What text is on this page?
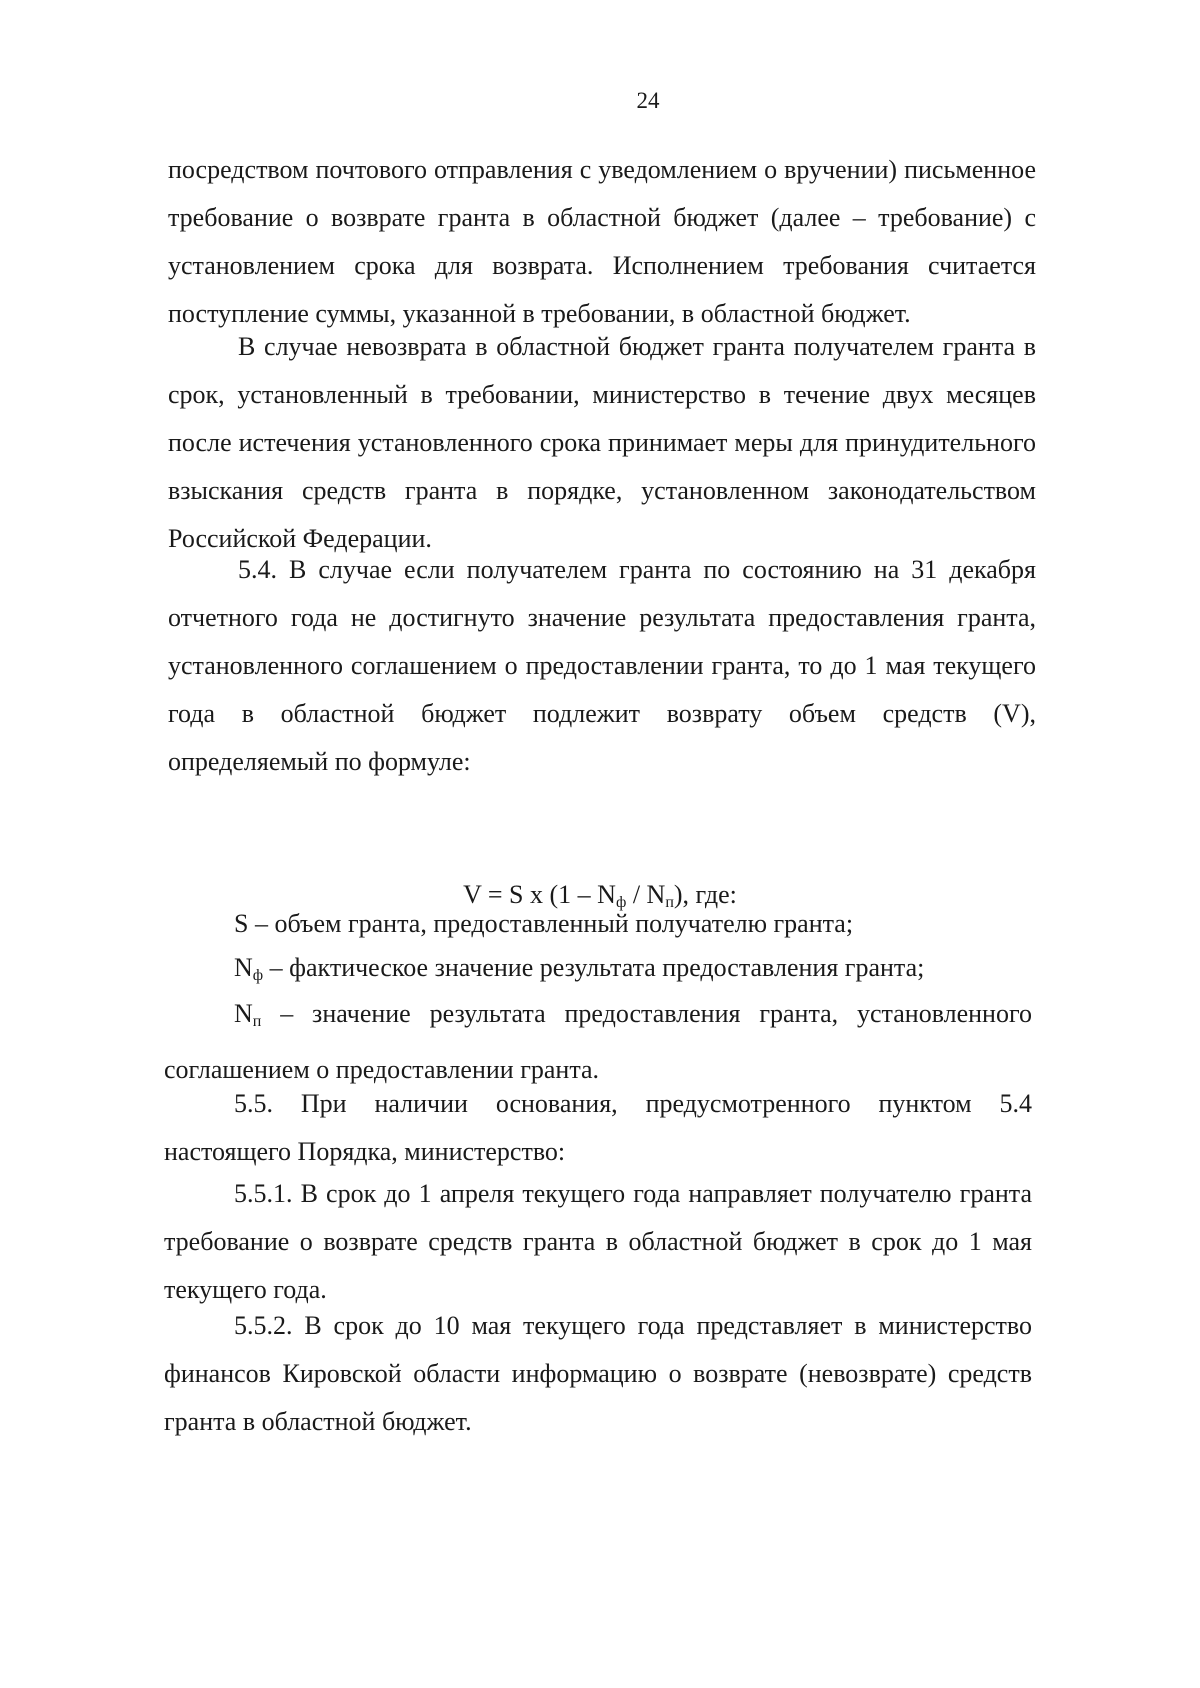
24

посредством почтового отправления с уведомлением о вручении) письменное требование о возврате гранта в областной бюджет (далее – требование) с установлением срока для возврата. Исполнением требования считается поступление суммы, указанной в требовании, в областной бюджет.

В случае невозврата в областной бюджет гранта получателем гранта в срок, установленный в требовании, министерство в течение двух месяцев после истечения установленного срока принимает меры для принудительного взыскания средств гранта в порядке, установленном законодательством Российской Федерации.

5.4. В случае если получателем гранта по состоянию на 31 декабря отчетного года не достигнуто значение результата предоставления гранта, установленного соглашением о предоставлении гранта, то до 1 мая текущего года в областной бюджет подлежит возврату объем средств (V), определяемый по формуле:

V = S x $(1 - N_ф / N_п)$, где:

S – объем гранта, предоставленный получателю гранта;

$N_ф$ – фактическое значение результата предоставления гранта;

$N_п$ – значение результата предоставления гранта, установленного соглашением о предоставлении гранта.

5.5. При наличии основания, предусмотренного пунктом 5.4 настоящего Порядка, министерство:

5.5.1. В срок до 1 апреля текущего года направляет получателю гранта требование о возврате средств гранта в областной бюджет в срок до 1 мая текущего года.

5.5.2. В срок до 10 мая текущего года представляет в министерство финансов Кировской области информацию о возврате (невозврате) средств гранта в областной бюджет.
